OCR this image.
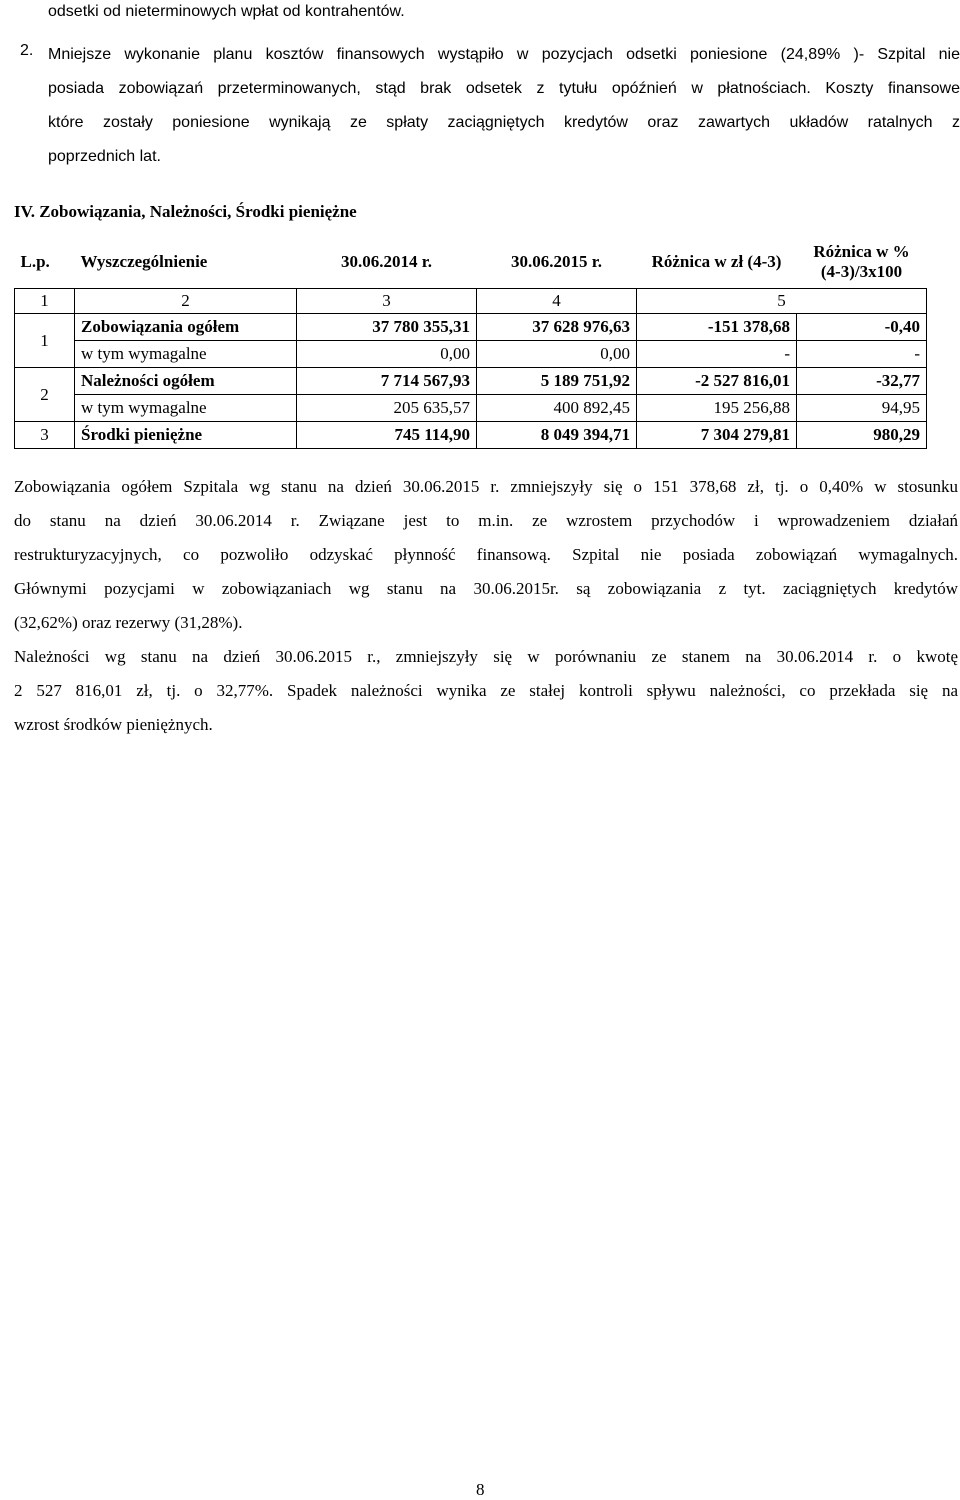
odsetki od nieterminowych wpłat od kontrahentów.

2. Mniejsze wykonanie planu kosztów finansowych wystąpiło w pozycjach odsetki poniesione (24,89% )- Szpital nie
posiada zobowiązań przeterminowanych, stąd brak odsetek z tytułu opóźnień w płatnościach. Koszty finansowe
które zostały poniesione wynikają ze spłaty zaciągniętych kredytów oraz zawartych układów ratalnych z
poprzednich lat.
IV. Zobowiązania, Należności, Środki pieniężne
L.p.	Wyszczególnienie	30.06.2014 r.	30.06.2015 r.	Różnica w zł (4-3)	Różnica w % (4-3)/3x100
1	2	3	4	5	
1	Zobowiązania ogółem	37 780 355,31	37 628 976,63	-151 378,68	-0,40
	w tym wymagalne	0,00	0,00	-	-
2	Należności ogółem	7 714 567,93	5 189 751,92	-2 527 816,01	-32,77
	w tym wymagalne	205 635,57	400 892,45	195 256,88	94,95
3	Środki pieniężne	745 114,90	8 049 394,71	7 304 279,81	980,29
Zobowiązania ogółem Szpitala wg stanu na dzień 30.06.2015 r. zmniejszyły się o 151 378,68 zł, tj. o 0,40% w stosunku
do stanu na dzień 30.06.2014 r. Związane jest to m.in. ze wzrostem przychodów i wprowadzeniem działań
restrukturyzacyjnych, co pozwoliło odzyskać płynność finansową. Szpital nie posiada zobowiązań wymagalnych.
Głównymi pozycjami w zobowiązaniach wg stanu na 30.06.2015r. są zobowiązania z tyt. zaciągniętych kredytów
(32,62%) oraz rezerwy (31,28%).
Należności wg stanu na dzień 30.06.2015 r., zmniejszyły się w porównaniu ze stanem na 30.06.2014 r. o kwotę
2 527 816,01 zł, tj. o 32,77%. Spadek należności wynika ze stałej kontroli spływu należności, co przekłada się na
wzrost środków pieniężnych.

8
